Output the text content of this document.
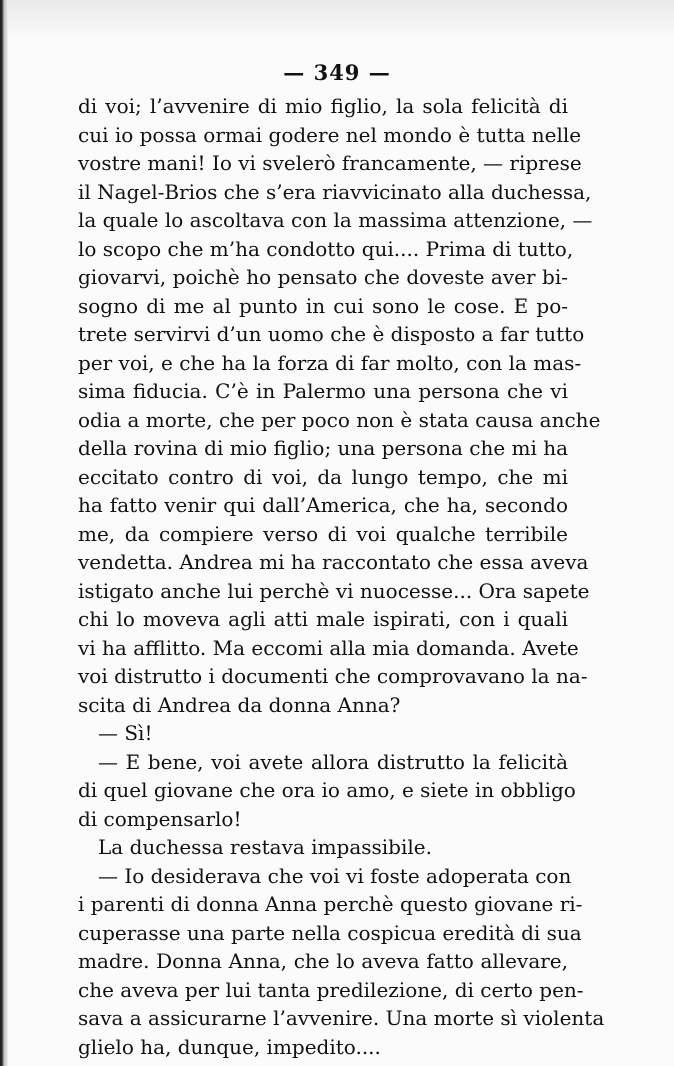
— 349 —
di voi; l’avvenire di mio figlio, la sola felicità di
cui io possa ormai godere nel mondo è tutta nelle
vostre mani! Io vi svelerò francamente, — riprese
il Nagel-Brios che s’era riavvicinato alla duchessa,
la quale lo ascoltava con la massima attenzione, —
lo scopo che m’ha condotto qui.... Prima di tutto,
giovarvi, poichè ho pensato che doveste aver bi-
sogno di me al punto in cui sono le cose. E po-
trete servirvi d’un uomo che è disposto a far tutto
per voi, e che ha la forza di far molto, con la mas-
sima fiducia. C’è in Palermo una persona che vi
odia a morte, che per poco non è stata causa anche
della rovina di mio figlio; una persona che mi ha
eccitato contro di voi, da lungo tempo, che mi
ha fatto venir qui dall’America, che ha, secondo
me, da compiere verso di voi qualche terribile
vendetta. Andrea mi ha raccontato che essa aveva
istigato anche lui perchè vi nuocesse... Ora sapete
chi lo moveva agli atti male ispirati, con i quali
vi ha afflitto. Ma eccomi alla mia domanda. Avete
voi distrutto i documenti che comprovavano la na-
scita di Andrea da donna Anna?
— Sì!
— E bene, voi avete allora distrutto la felicità
di quel giovane che ora io amo, e siete in obbligo
di compensarlo!
La duchessa restava impassibile.
— Io desiderava che voi vi foste adoperata con
i parenti di donna Anna perchè questo giovane ri-
cuperasse una parte nella cospicua eredità di sua
madre. Donna Anna, che lo aveva fatto allevare,
che aveva per lui tanta predilezione, di certo pen-
sava a assicurarne l’avvenire. Una morte sì violenta
glielo ha, dunque, impedito....
